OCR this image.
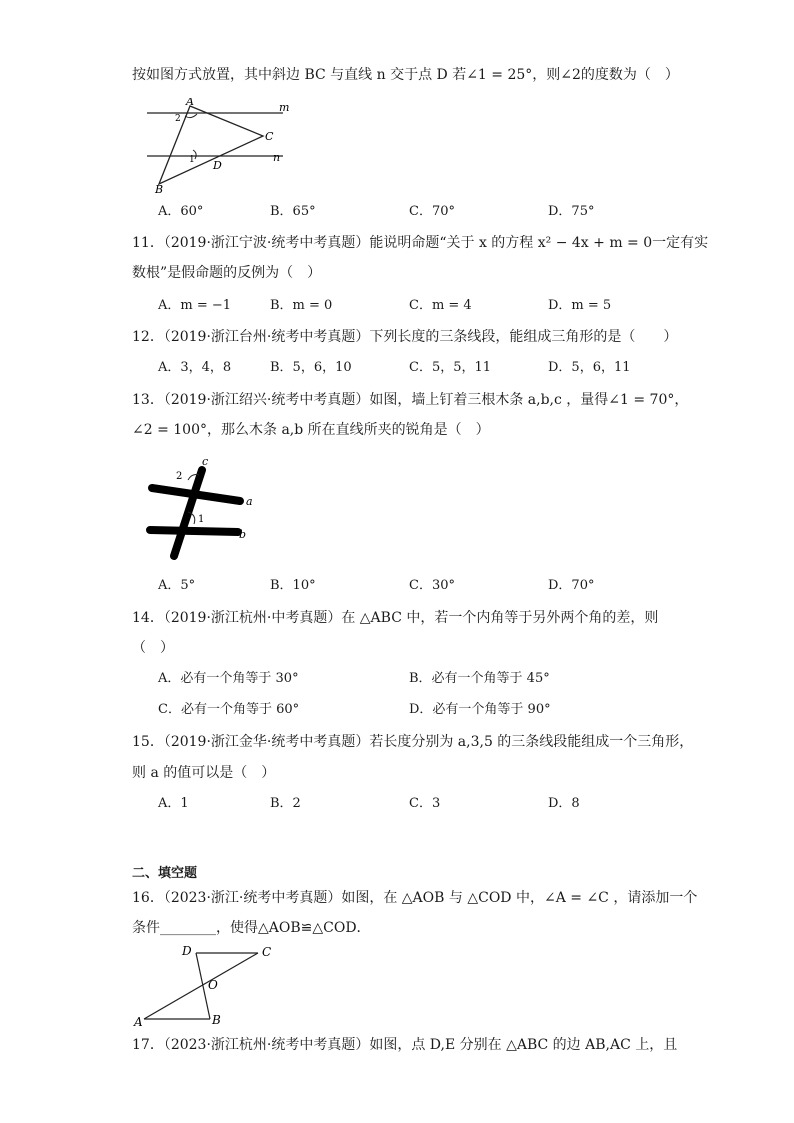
按如图方式放置，其中斜边 BC 与直线 n 交于点 D 若∠1 = 25°，则∠2的度数为（　）
A	m
C
n
D
B
2
1
A．60°	B．65°	C．70°	D．75°
11．（2019·浙江宁波·统考中考真题）能说明命题“关于 x 的方程 x² − 4x + m = 0一定有实
数根”是假命题的反例为（　）
A．m = −1	B．m = 0	C．m = 4	D．m = 5
12．（2019·浙江台州·统考中考真题）下列长度的三条线段，能组成三角形的是（　　）
A．3，4，8	B．5，6，10	C．5，5，11	D．5，6，11
13．（2019·浙江绍兴·统考中考真题）如图，墙上钉着三根木条 a,b,c ，量得∠1 = 70°，
∠2 = 100°，那么木条 a,b 所在直线所夹的锐角是（　）
c
a
b
1
2
A．5°	B．10°	C．30°	D．70°
14．（2019·浙江杭州·中考真题）在 △ABC 中，若一个内角等于另外两个角的差，则
（　）
A．必有一个角等于 30°	B．必有一个角等于 45°
C．必有一个角等于 60°	D．必有一个角等于 90°
15．（2019·浙江金华·统考中考真题）若长度分别为 a,3,5 的三条线段能组成一个三角形，
则 a 的值可以是（　）
A．1	B．2	C．3	D．8
二、填空题
16．（2023·浙江·统考中考真题）如图，在 △AOB 与 △COD 中，∠A = ∠C ，请添加一个
条件________，使得△AOB≌△COD．
D	C
O
A	B
17．（2023·浙江杭州·统考中考真题）如图，点 D,E 分别在 △ABC 的边 AB,AC 上，且
